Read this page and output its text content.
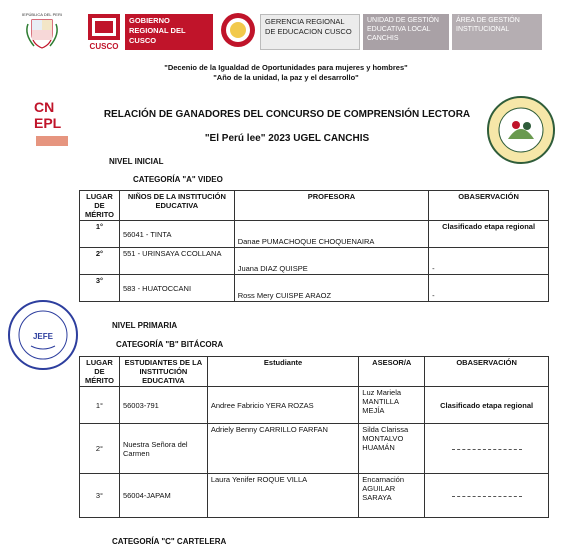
REPÚBLICA DEL PERÚ
CUSCO
GOBIERNO REGIONAL DEL CUSCO
GERENCIA REGIONAL DE EDUCACION CUSCO
UNIDAD DE GESTIÓN EDUCATIVA LOCAL CANCHIS
ÁREA DE GESTIÓN INSTITUCIONAL
"Decenio de la Igualdad de Oportunidades para mujeres y hombres"
"Año de la unidad, la paz y el desarrollo"
CN
EPL
RELACIÓN DE GANADORES DEL CONCURSO DE COMPRENSIÓN LECTORA
"El Perú lee" 2023 UGEL CANCHIS
NIVEL INICIAL
CATEGORÍA "A" VIDEO
LUGAR DE MÉRITO	NIÑOS DE LA INSTITUCIÓN EDUCATIVA	PROFESORA	OBASERVACIÓN
1°	56041 - TINTA	Danae PUMACHOQUE CHOQUENAIRA	Clasificado etapa regional
2°	551 - URINSAYA CCOLLANA	Juana DIAZ QUISPE	-
3°	583 - HUATOCCANI	Ross Mery CUISPE ARAOZ	-
JEFE
NIVEL PRIMARIA
CATEGORÍA "B" BITÁCORA
LUGAR DE MÉRITO	ESTUDIANTES DE LA INSTITUCIÓN EDUCATIVA	Estudiante	ASESOR/A	OBASERVACIÓN
1°	56003-791	Andree Fabricio YERA ROZAS	Luz Mariela MANTILLA MEJÍA	Clasificado etapa regional
2°	Nuestra Señora del Carmen	Adriely Benny CARRILLO FARFAN	Silda Clarissa MONTALVO HUAMÁN	
3°	56004-JAPAM	Laura Yenifer ROQUE VILLA	Encarnación AGUILAR SARAYA	
CATEGORÍA "C" CARTELERA
